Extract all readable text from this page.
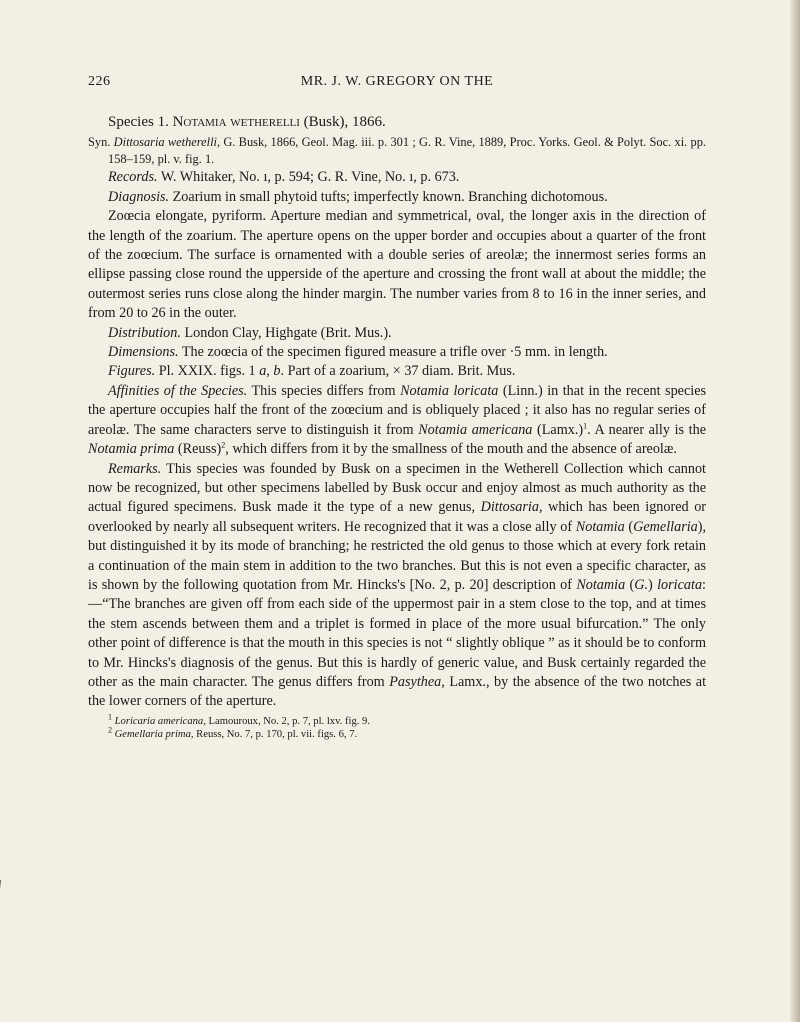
226	MR. J. W. GREGORY ON THE

Species 1. Notamia wetherelli (Busk), 1866.

Syn. Dittosaria wetherelli, G. Busk, 1866, Geol. Mag. iii. p. 301 ; G. R. Vine, 1889, Proc. Yorks. Geol. & Polyt. Soc. xi. pp. 158–159, pl. v. fig. 1.

Records. W. Whitaker, No. ı, p. 594; G. R. Vine, No. ı, p. 673.

Diagnosis. Zoarium in small phytoid tufts; imperfectly known. Branching dichotomous.

Zoœcia elongate, pyriform. Aperture median and symmetrical, oval, the longer axis in the direction of the length of the zoarium. The aperture opens on the upper border and occupies about a quarter of the front of the zoœcium. The surface is ornamented with a double series of areolæ; the innermost series forms an ellipse passing close round the upperside of the aperture and crossing the front wall at about the middle; the outermost series runs close along the hinder margin. The number varies from 8 to 16 in the inner series, and from 20 to 26 in the outer.

Distribution. London Clay, Highgate (Brit. Mus.).

Dimensions. The zoœcia of the specimen figured measure a trifle over ·5 mm. in length.

Figures. Pl. XXIX. figs. 1 a, b. Part of a zoarium, × 37 diam. Brit. Mus.

Affinities of the Species. This species differs from Notamia loricata (Linn.) in that in the recent species the aperture occupies half the front of the zoœcium and is obliquely placed ; it also has no regular series of areolæ. The same characters serve to distinguish it from Notamia americana (Lamx.)$^1$. A nearer ally is the Notamia prima (Reuss)$^2$, which differs from it by the smallness of the mouth and the absence of areolæ.

Remarks. This species was founded by Busk on a specimen in the Wetherell Collection which cannot now be recognized, but other specimens labelled by Busk occur and enjoy almost as much authority as the actual figured specimens. Busk made it the type of a new genus, Dittosaria, which has been ignored or overlooked by nearly all subsequent writers. He recognized that it was a close ally of Notamia (Gemellaria), but distinguished it by its mode of branching; he restricted the old genus to those which at every fork retain a continuation of the main stem in addition to the two branches. But this is not even a specific character, as is shown by the following quotation from Mr. Hincks's [No. 2, p. 20] description of Notamia (G.) loricata:—“The branches are given off from each side of the uppermost pair in a stem close to the top, and at times the stem ascends between them and a triplet is formed in place of the more usual bifurcation.” The only other point of difference is that the mouth in this species is not “ slightly oblique ” as it should be to conform to Mr. Hincks's diagnosis of the genus. But this is hardly of generic value, and Busk certainly regarded the other as the main character. The genus differs from Pasythea, Lamx., by the absence of the two notches at the lower corners of the aperture.

$^1$ Loricaria americana, Lamouroux, No. 2, p. 7, pl. lxv. fig. 9.

$^2$ Gemellaria prima, Reuss, No. 7, p. 170, pl. vii. figs. 6, 7.
